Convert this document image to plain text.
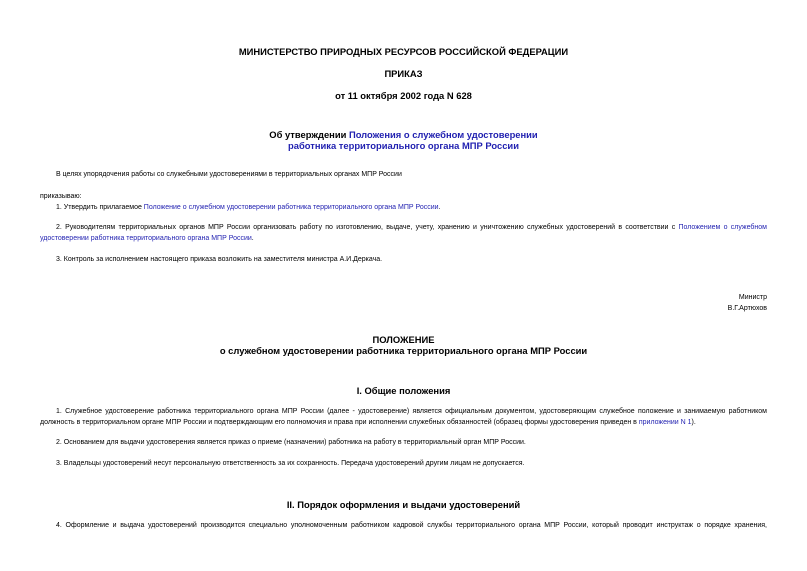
МИНИСТЕРСТВО ПРИРОДНЫХ РЕСУРСОВ РОССИЙСКОЙ ФЕДЕРАЦИИ
ПРИКАЗ
от 11 октября 2002 года N 628
Об утверждении Положения о служебном удостоверении
работника территориального органа МПР России
В целях упорядочения работы со служебными удостоверениями в территориальных органах МПР России
приказываю:
1. Утвердить прилагаемое Положение о служебном удостоверении работника территориального органа МПР России.
2. Руководителям территориальных органов МПР России организовать работу по изготовлению, выдаче, учету, хранению и уничтожению служебных удостоверений в соответствии с Положением о служебном
удостоверении работника территориального органа МПР России.
3. Контроль за исполнением настоящего приказа возложить на заместителя министра А.И.Деркача.
Министр
В.Г.Артюхов
ПОЛОЖЕНИЕ
о служебном удостоверении работника территориального органа МПР России
I. Общие положения
1. Служебное удостоверение работника территориального органа МПР России (далее - удостоверение) является официальным документом, удостоверяющим служебное положение и занимаемую работником
должность в территориальном органе МПР России и подтверждающим его полномочия и права при исполнении служебных обязанностей (образец формы удостоверения приведен в приложении N 1).
2. Основанием для выдачи удостоверения является приказ о приеме (назначении) работника на работу в территориальный орган МПР России.
3. Владельцы удостоверений несут персональную ответственность за их сохранность. Передача удостоверений другим лицам не допускается.
II. Порядок оформления и выдачи удостоверений
4. Оформление и выдача удостоверений производится специально уполномоченным работником кадровой службы территориального органа МПР России, который проводит инструктаж о порядке хранения,
